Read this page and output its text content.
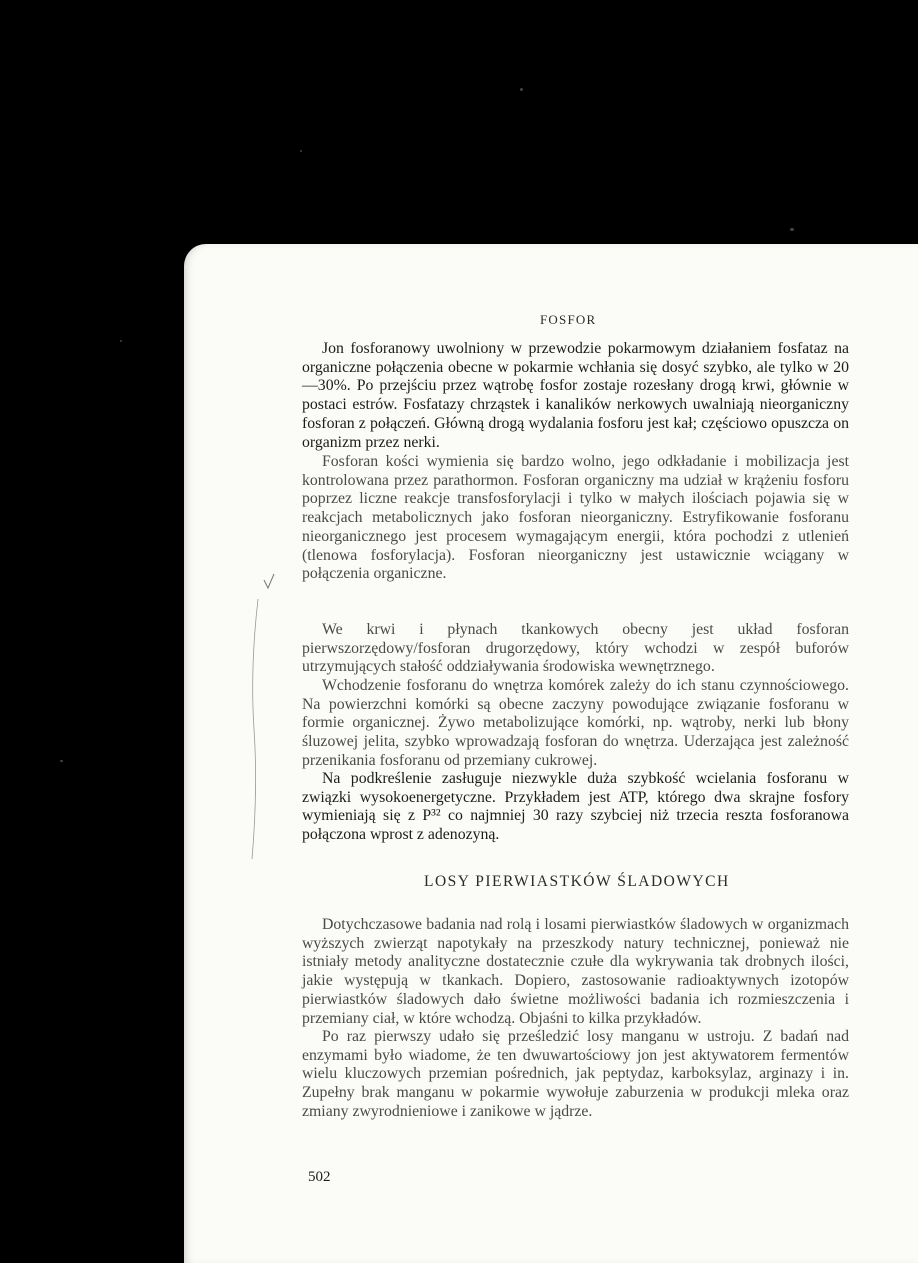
FOSFOR

Jon fosforanowy uwolniony w przewodzie pokarmowym działaniem fosfataz na organiczne połączenia obecne w pokarmie wchłania się dosyć szybko, ale tylko w 20—30%. Po przejściu przez wątrobę fosfor zostaje rozesłany drogą krwi, głównie w postaci estrów. Fosfatazy chrząstek i kanalików nerkowych uwalniają nieorganiczny fosforan z połączeń. Główną drogą wydalania fosforu jest kał; częściowo opuszcza on organizm przez nerki.

Fosforan kości wymienia się bardzo wolno, jego odkładanie i mobilizacja jest kontrolowana przez parathormon. Fosforan organiczny ma udział w krążeniu fosforu poprzez liczne reakcje transfosforylacji i tylko w małych ilościach pojawia się w reakcjach metabolicznych jako fosforan nieorganiczny. Estryfikowanie fosforanu nieorganicznego jest procesem wymagającym energii, która pochodzi z utlenień (tlenowa fosforylacja). Fosforan nieorganiczny jest ustawicznie wciągany w połączenia organiczne.

We krwi i płynach tkankowych obecny jest układ fosforan pierwszorzędowy/fosforan drugorzędowy, który wchodzi w zespół buforów utrzymujących stałość oddziaływania środowiska wewnętrznego.

Wchodzenie fosforanu do wnętrza komórek zależy do ich stanu czynnościowego. Na powierzchni komórki są obecne zaczyny powodujące związanie fosforanu w formie organicznej. Żywo metabolizujące komórki, np. wątroby, nerki lub błony śluzowej jelita, szybko wprowadzają fosforan do wnętrza. Uderzająca jest zależność przenikania fosforanu od przemiany cukrowej.

Na podkreślenie zasługuje niezwykle duża szybkość wcielania fosforanu w związki wysokoenergetyczne. Przykładem jest ATP, którego dwa skrajne fosfory wymieniają się z P³² co najmniej 30 razy szybciej niż trzecia reszta fosforanowa połączona wprost z adenozyną.

LOSY PIERWIASTKÓW ŚLADOWYCH

Dotychczasowe badania nad rolą i losami pierwiastków śladowych w organizmach wyższych zwierząt napotykały na przeszkody natury technicznej, ponieważ nie istniały metody analityczne dostatecznie czułe dla wykrywania tak drobnych ilości, jakie występują w tkankach. Dopiero, zastosowanie radioaktywnych izotopów pierwiastków śladowych dało świetne możliwości badania ich rozmieszczenia i przemiany ciał, w które wchodzą. Objaśni to kilka przykładów.

Po raz pierwszy udało się prześledzić losy manganu w ustroju. Z badań nad enzymami było wiadome, że ten dwuwartościowy jon jest aktywatorem fermentów wielu kluczowych przemian pośrednich, jak peptydaz, karboksylaz, arginazy i in. Zupełny brak manganu w pokarmie wywołuje zaburzenia w produkcji mleka oraz zmiany zwyrodnieniowe i zanikowe w jądrze.

502
